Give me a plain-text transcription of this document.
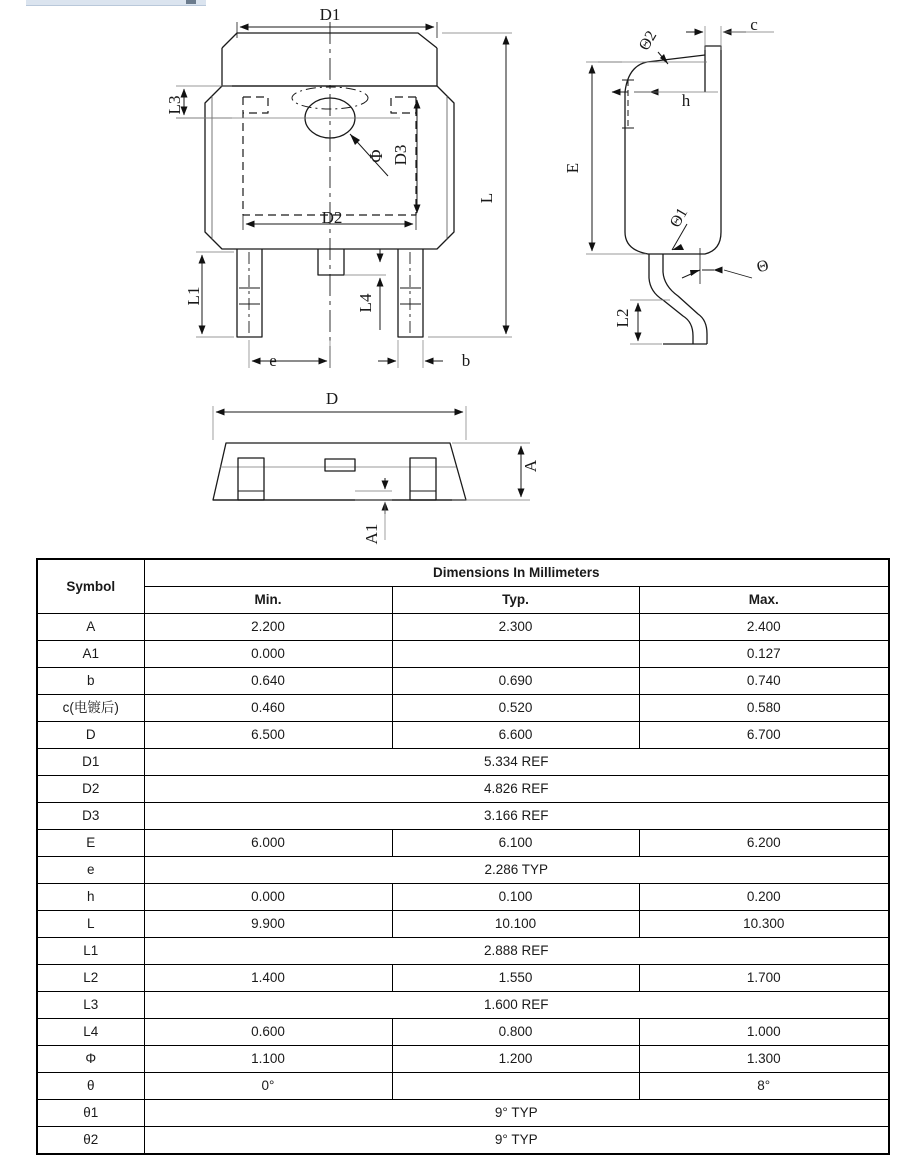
D1
D2
e	b
c
h
D
L3
D3
L
L1	L4
E
L2
A
A1
Φ
Θ2
Θ1
Θ
Symbol	Dimensions In Millimeters		
	Min.	Typ.	Max.
A	2.200	2.300	2.400
A1	0.000		0.127
b	0.640	0.690	0.740
c(电镀后)	0.460	0.520	0.580
D	6.500	6.600	6.700
D1	5.334 REF		
D2	4.826 REF		
D3	3.166 REF		
E	6.000	6.100	6.200
e	2.286 TYP		
h	0.000	0.100	0.200
L	9.900	10.100	10.300
L1	2.888 REF		
L2	1.400	1.550	1.700
L3	1.600 REF		
L4	0.600	0.800	1.000
Φ	1.100	1.200	1.300
θ	0°		8°
θ1	9° TYP		
θ2	9° TYP		
